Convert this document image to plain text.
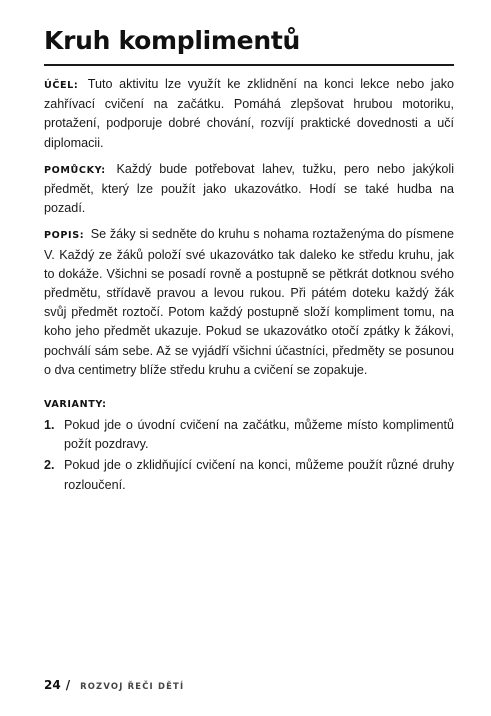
Kruh komplimentů

ÚČEL: Tuto aktivitu lze využít ke zklidnění na konci lekce nebo jako zahřívací cvičení na začátku. Pomáhá zlepšovat hrubou motoriku, protažení, podporuje dobré chování, rozvíjí praktické dovednosti a učí diplomacii.

POMŮCKY: Každý bude potřebovat lahev, tužku, pero nebo jakýkoli předmět, který lze použít jako ukazovátko. Hodí se také hudba na pozadí.

POPIS: Se žáky si sedněte do kruhu s nohama roztaženýma do písmene V. Každý ze žáků položí své ukazovátko tak daleko ke středu kruhu, jak to dokáže. Všichni se posadí rovně a postupně se pětkrát dotknou svého předmětu, střídavě pravou a levou rukou. Při pátém doteku každý žák svůj předmět roztočí. Potom každý postupně složí kompliment tomu, na koho jeho předmět ukazuje. Pokud se ukazovátko otočí zpátky k žákovi, pochválí sám sebe. Až se vyjádří všichni účastníci, předměty se posunou o dva centimetry blíže středu kruhu a cvičení se zopakuje.

VARIANTY:
1. Pokud jde o úvodní cvičení na začátku, můžeme místo komplimentů požít pozdravy.
2. Pokud jde o zklidňující cvičení na konci, můžeme použít různé druhy rozloučení.
24 / ROZVOJ ŘEČI DĚTÍ
